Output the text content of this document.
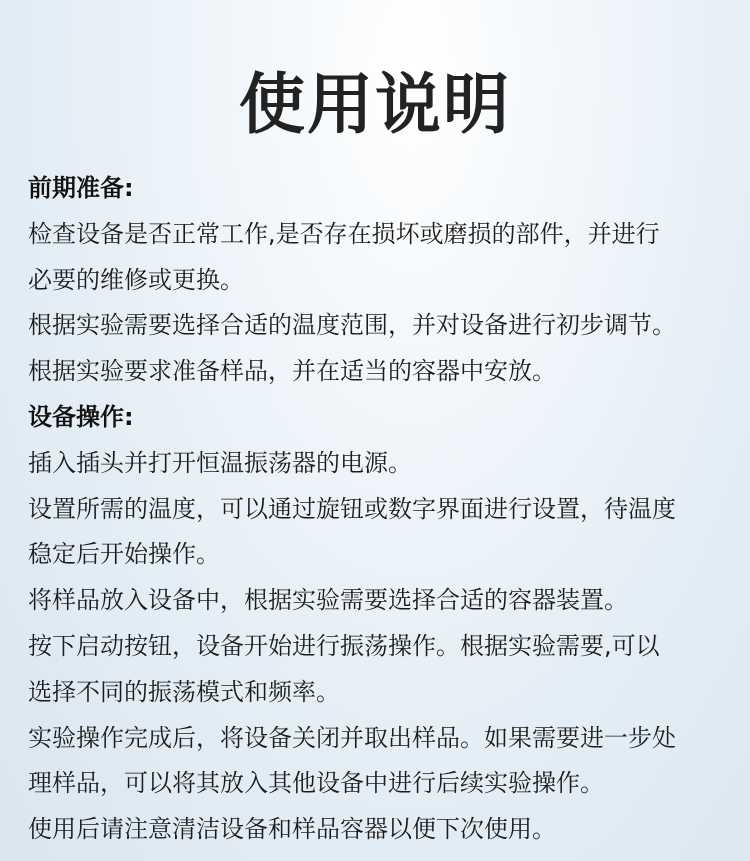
使用说明
前期准备:
检查设备是否正常工作,是否存在损坏或磨损的部件，并进行
必要的维修或更换。
根据实验需要选择合适的温度范围，并对设备进行初步调节。
根据实验要求准备样品，并在适当的容器中安放。
设备操作:
插入插头并打开恒温振荡器的电源。
设置所需的温度，可以通过旋钮或数字界面进行设置，待温度
稳定后开始操作。
将样品放入设备中，根据实验需要选择合适的容器装置。
按下启动按钮，设备开始进行振荡操作。根据实验需要,可以
选择不同的振荡模式和频率。
实验操作完成后，将设备关闭并取出样品。如果需要进一步处
理样品，可以将其放入其他设备中进行后续实验操作。
使用后请注意清洁设备和样品容器以便下次使用。
